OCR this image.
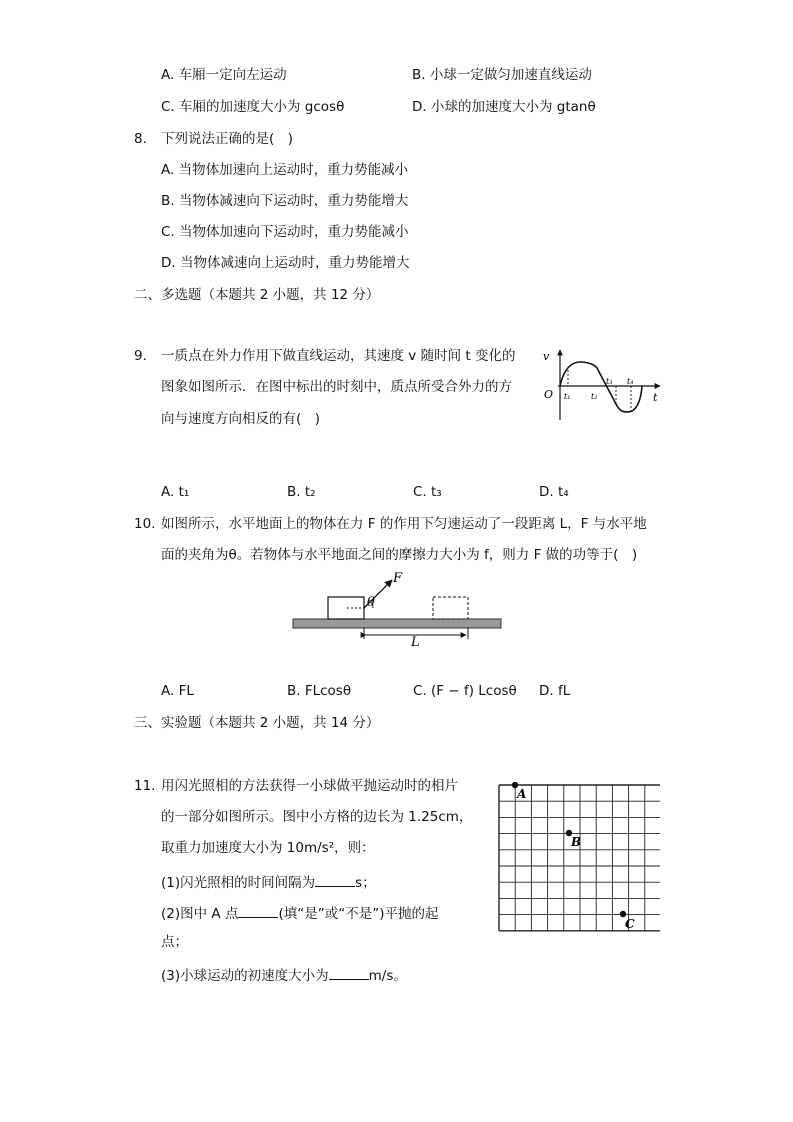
A. 车厢一定向左运动	B. 小球一定做匀加速直线运动
C. 车厢的加速度大小为 gcosθ	D. 小球的加速度大小为 gtanθ
8. 下列说法正确的是(　)
A. 当物体加速向上运动时，重力势能减小
B. 当物体减速向下运动时，重力势能增大
C. 当物体加速向下运动时，重力势能减小
D. 当物体减速向上运动时，重力势能增大
二、多选题（本题共 2 小题，共 12 分）
9. 一质点在外力作用下做直线运动，其速度 v 随时间 t 变化的
图象如图所示．在图中标出的时刻中，质点所受合外力的方
向与速度方向相反的有(　)
v
O	t
t₁	t₂
t₃ t₄
A. t₁	B. t₂	C. t₃	D. t₄
10. 如图所示，水平地面上的物体在力 F 的作用下匀速运动了一段距离 L，F 与水平地
面的夹角为θ。若物体与水平地面之间的摩擦力大小为 f，则力 F 做的功等于(　)
θ
F
L
A. FL	B. FLcosθ	C. (F − f) Lcosθ D. fL
三、实验题（本题共 2 小题，共 14 分）
11. 用闪光照相的方法获得一小球做平抛运动时的相片
的一部分如图所示。图中小方格的边长为 1.25cm，
取重力加速度大小为 10m/s²，则：
(1)闪光照相的时间间隔为	s；
(2)图中 A 点	(填“是”或“不是”)平抛的起
点；
(3)小球运动的初速度大小为	m/s。
A
B
C
